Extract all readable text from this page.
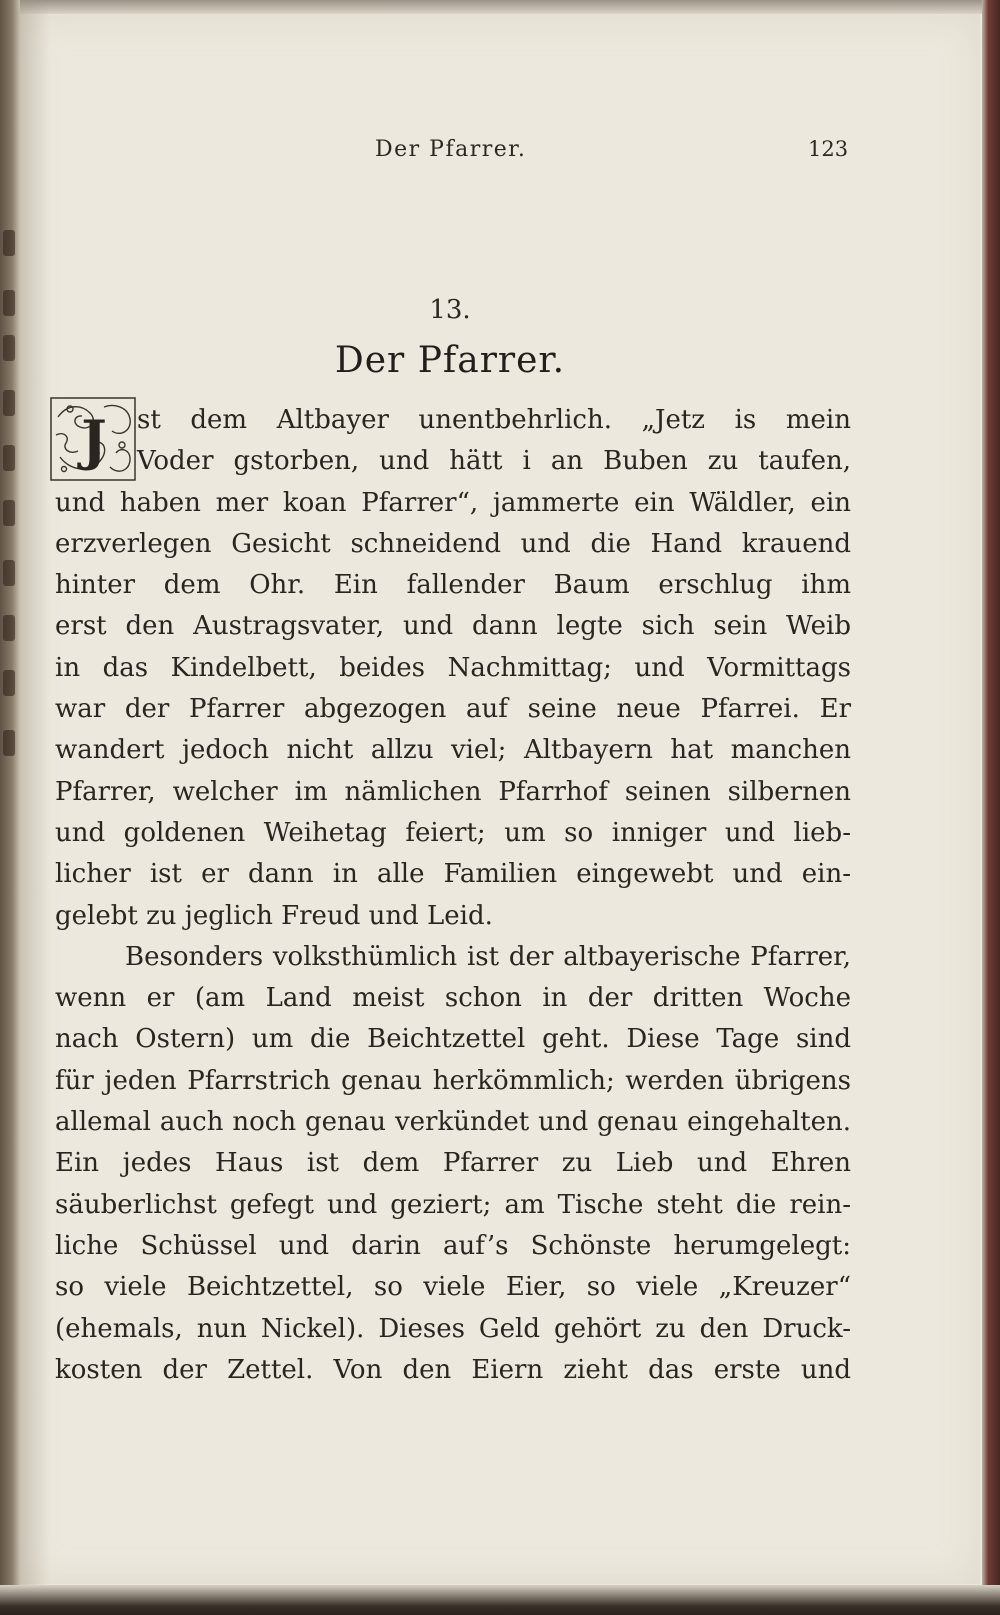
Der Pfarrer.	123
13.
Der Pfarrer.
J	st dem Altbayer unentbehrlich. „Jetz is mein
Voder gstorben, und hätt i an Buben zu taufen,
und haben mer koan Pfarrer“, jammerte ein Wäldler, ein
erzverlegen Gesicht schneidend und die Hand krauend
hinter dem Ohr. Ein fallender Baum erschlug ihm
erst den Austragsvater, und dann legte sich sein Weib
in das Kindelbett, beides Nachmittag; und Vormittags
war der Pfarrer abgezogen auf seine neue Pfarrei. Er
wandert jedoch nicht allzu viel; Altbayern hat manchen
Pfarrer, welcher im nämlichen Pfarrhof seinen silbernen
und goldenen Weihetag feiert; um so inniger und lieb-
licher ist er dann in alle Familien eingewebt und ein-
gelebt zu jeglich Freud und Leid.
Besonders volksthümlich ist der altbayerische Pfarrer,
wenn er (am Land meist schon in der dritten Woche
nach Ostern) um die Beichtzettel geht. Diese Tage sind
für jeden Pfarrstrich genau herkömmlich; werden übrigens
allemal auch noch genau verkündet und genau eingehalten.
Ein jedes Haus ist dem Pfarrer zu Lieb und Ehren
säuberlichst gefegt und geziert; am Tische steht die rein-
liche Schüssel und darin auf’s Schönste herumgelegt:
so viele Beichtzettel, so viele Eier, so viele „Kreuzer“
(ehemals, nun Nickel). Dieses Geld gehört zu den Druck-
kosten der Zettel. Von den Eiern zieht das erste und
